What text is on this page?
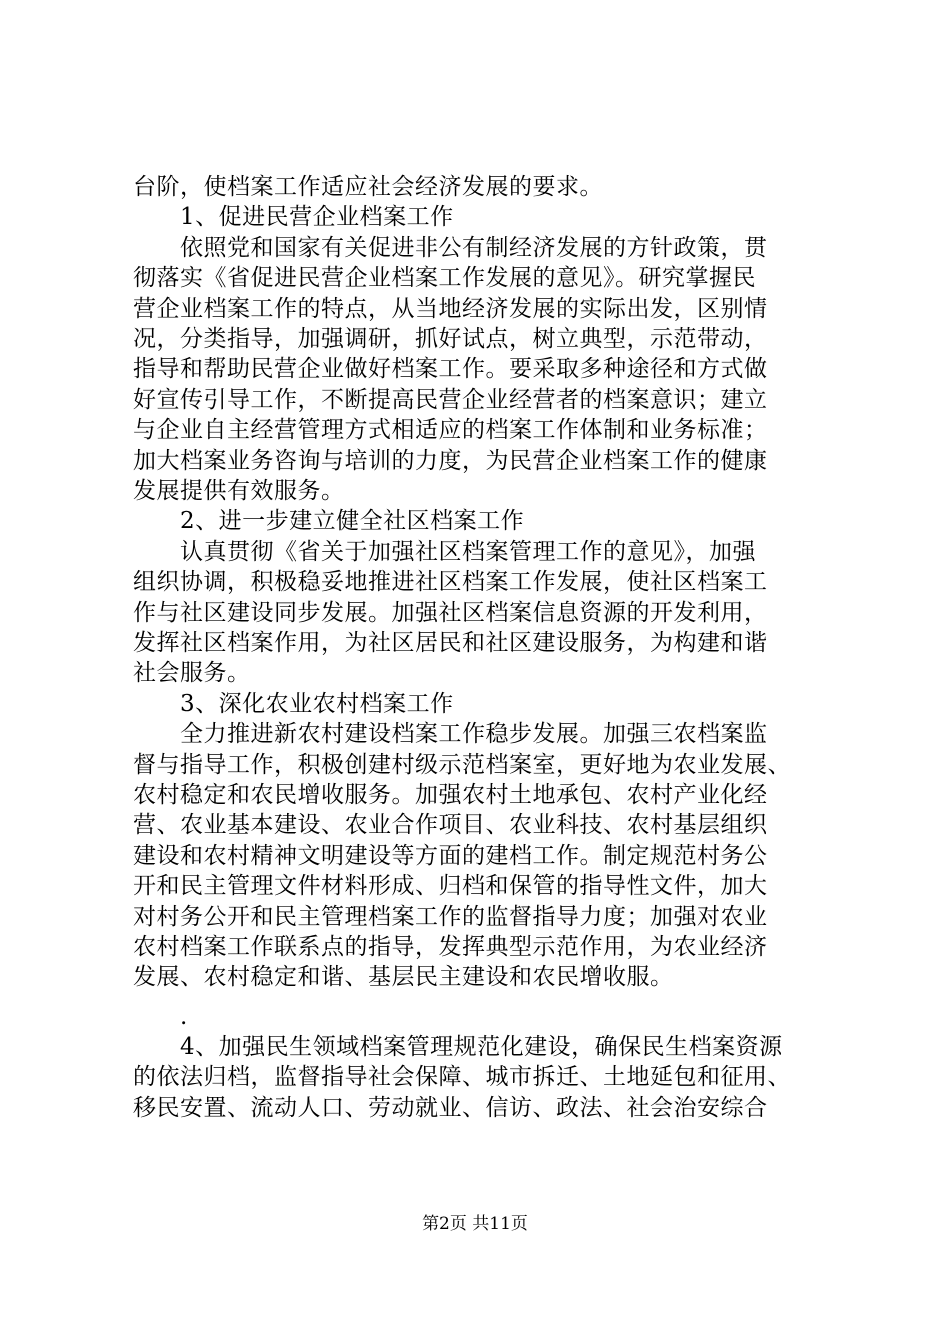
台阶，使档案工作适应社会经济发展的要求。
　　1、促进民营企业档案工作
　　依照党和国家有关促进非公有制经济发展的方针政策，贯
彻落实《省促进民营企业档案工作发展的意见》。研究掌握民
营企业档案工作的特点，从当地经济发展的实际出发，区别情
况，分类指导，加强调研，抓好试点，树立典型，示范带动，
指导和帮助民营企业做好档案工作。要采取多种途径和方式做
好宣传引导工作，不断提高民营企业经营者的档案意识；建立
与企业自主经营管理方式相适应的档案工作体制和业务标准；
加大档案业务咨询与培训的力度，为民营企业档案工作的健康
发展提供有效服务。
　　2、进一步建立健全社区档案工作
　　认真贯彻《省关于加强社区档案管理工作的意见》，加强
组织协调，积极稳妥地推进社区档案工作发展，使社区档案工
作与社区建设同步发展。加强社区档案信息资源的开发利用，
发挥社区档案作用，为社区居民和社区建设服务，为构建和谐
社会服务。
　　3、深化农业农村档案工作
　　全力推进新农村建设档案工作稳步发展。加强三农档案监
督与指导工作，积极创建村级示范档案室，更好地为农业发展、
农村稳定和农民增收服务。加强农村土地承包、农村产业化经
营、农业基本建设、农业合作项目、农业科技、农村基层组织
建设和农村精神文明建设等方面的建档工作。制定规范村务公
开和民主管理文件材料形成、归档和保管的指导性文件，加大
对村务公开和民主管理档案工作的监督指导力度；加强对农业
农村档案工作联系点的指导，发挥典型示范作用，为农业经济
发展、农村稳定和谐、基层民主建设和农民增收服。
　　.
　　4、加强民生领域档案管理规范化建设，确保民生档案资源
的依法归档，监督指导社会保障、城市拆迁、土地延包和征用、
移民安置、流动人口、劳动就业、信访、政法、社会治安综合
第2页 共11页
